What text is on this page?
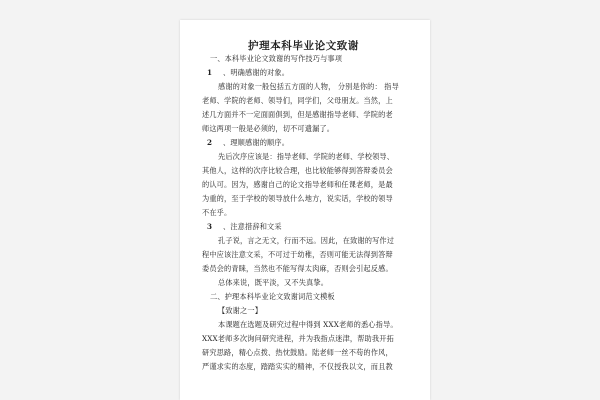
护理本科毕业论文致谢
一、本科毕业论文致谢的写作技巧与事项
1 、明确感谢的对象。
感谢的对象一般包括五方面的人物， 分别是你的： 指导
老师、学院的老师、领导们，同学们，父母朋友。当然，上
述几方面并不一定面面俱到，但是感谢指导老师、学院的老
师这两项一般是必须的，切不可遗漏了。
2 、理顺感谢的顺序。
先后次序应该是：指导老师、学院的老师、学校领导、
其他人，这样的次序比较合理，也比较能够得到答辩委员会
的认可。因为，感谢自己的论文指导老师和任课老师，是最
为重的，至于学校的领导放什么地方，说实话，学校的领导
不在乎。
3 、注意措辞和文采
孔子说，言之无文，行而不远。因此，在致谢的写作过
程中应该注意文采，不可过于幼稚，否则可能无法得到答辩
委员会的青睐，当然也不能写得太肉麻，否则会引起反感。
总体来说，既平淡，又不失真挚。
二、护理本科毕业论文致谢词范文模板
【致谢之一】
本课题在选题及研究过程中得到 XXX老师的悉心指导。
XXX老师多次询问研究进程，并为我指点迷津，帮助我开拓
研究思路，精心点拨、热忱鼓励。陆老师一丝不苟的作风，
严谨求实的态度，踏踏实实的精神，不仅授我以文，而且教
